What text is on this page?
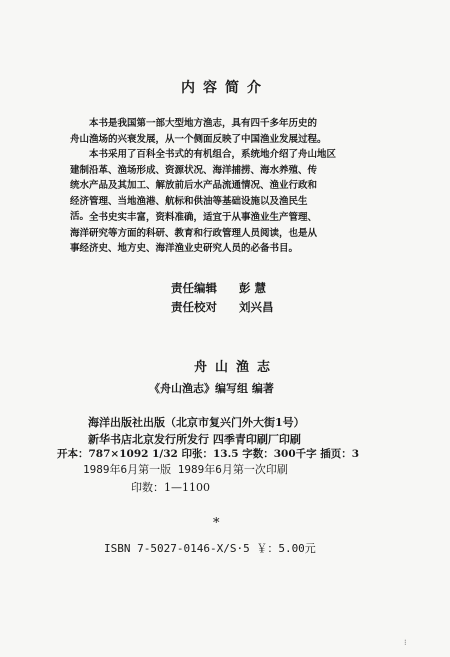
内容简介
本书是我国第一部大型地方渔志，具有四千多年历史的
舟山渔场的兴衰发展，从一个侧面反映了中国渔业发展过程。
本书采用了百科全书式的有机组合，系统地介绍了舟山地区
建制沿革、渔场形成、资源状况、海洋捕捞、海水养殖、传
统水产品及其加工、解放前后水产品流通情况、渔业行政和
经济管理、当地渔港、航标和供油等基础设施以及渔民生
活。 全书史实丰富，资料准确，适宜于从事渔业生产管理、
海洋研究等方面的科研、教育和行政管理人员阅读，也是从
事经济史、地方史、海洋渔业史研究人员的必备书目。
责任编辑 彭 慧
责任校对 刘兴昌
舟山渔志
《舟山渔志》编写组 编著
海洋出版社出版（北京市复兴门外大街1号）
新华书店北京发行所发行 四季青印刷厂印刷
开本：787×1092 1/32 印张：13.5 字数：300千字 插页：3
1989年6月第一版 1989年6月第一次印刷
印数：1—1100
*
ISBN 7-5027-0146-X/S·5 ￥：5.00元
⁝
